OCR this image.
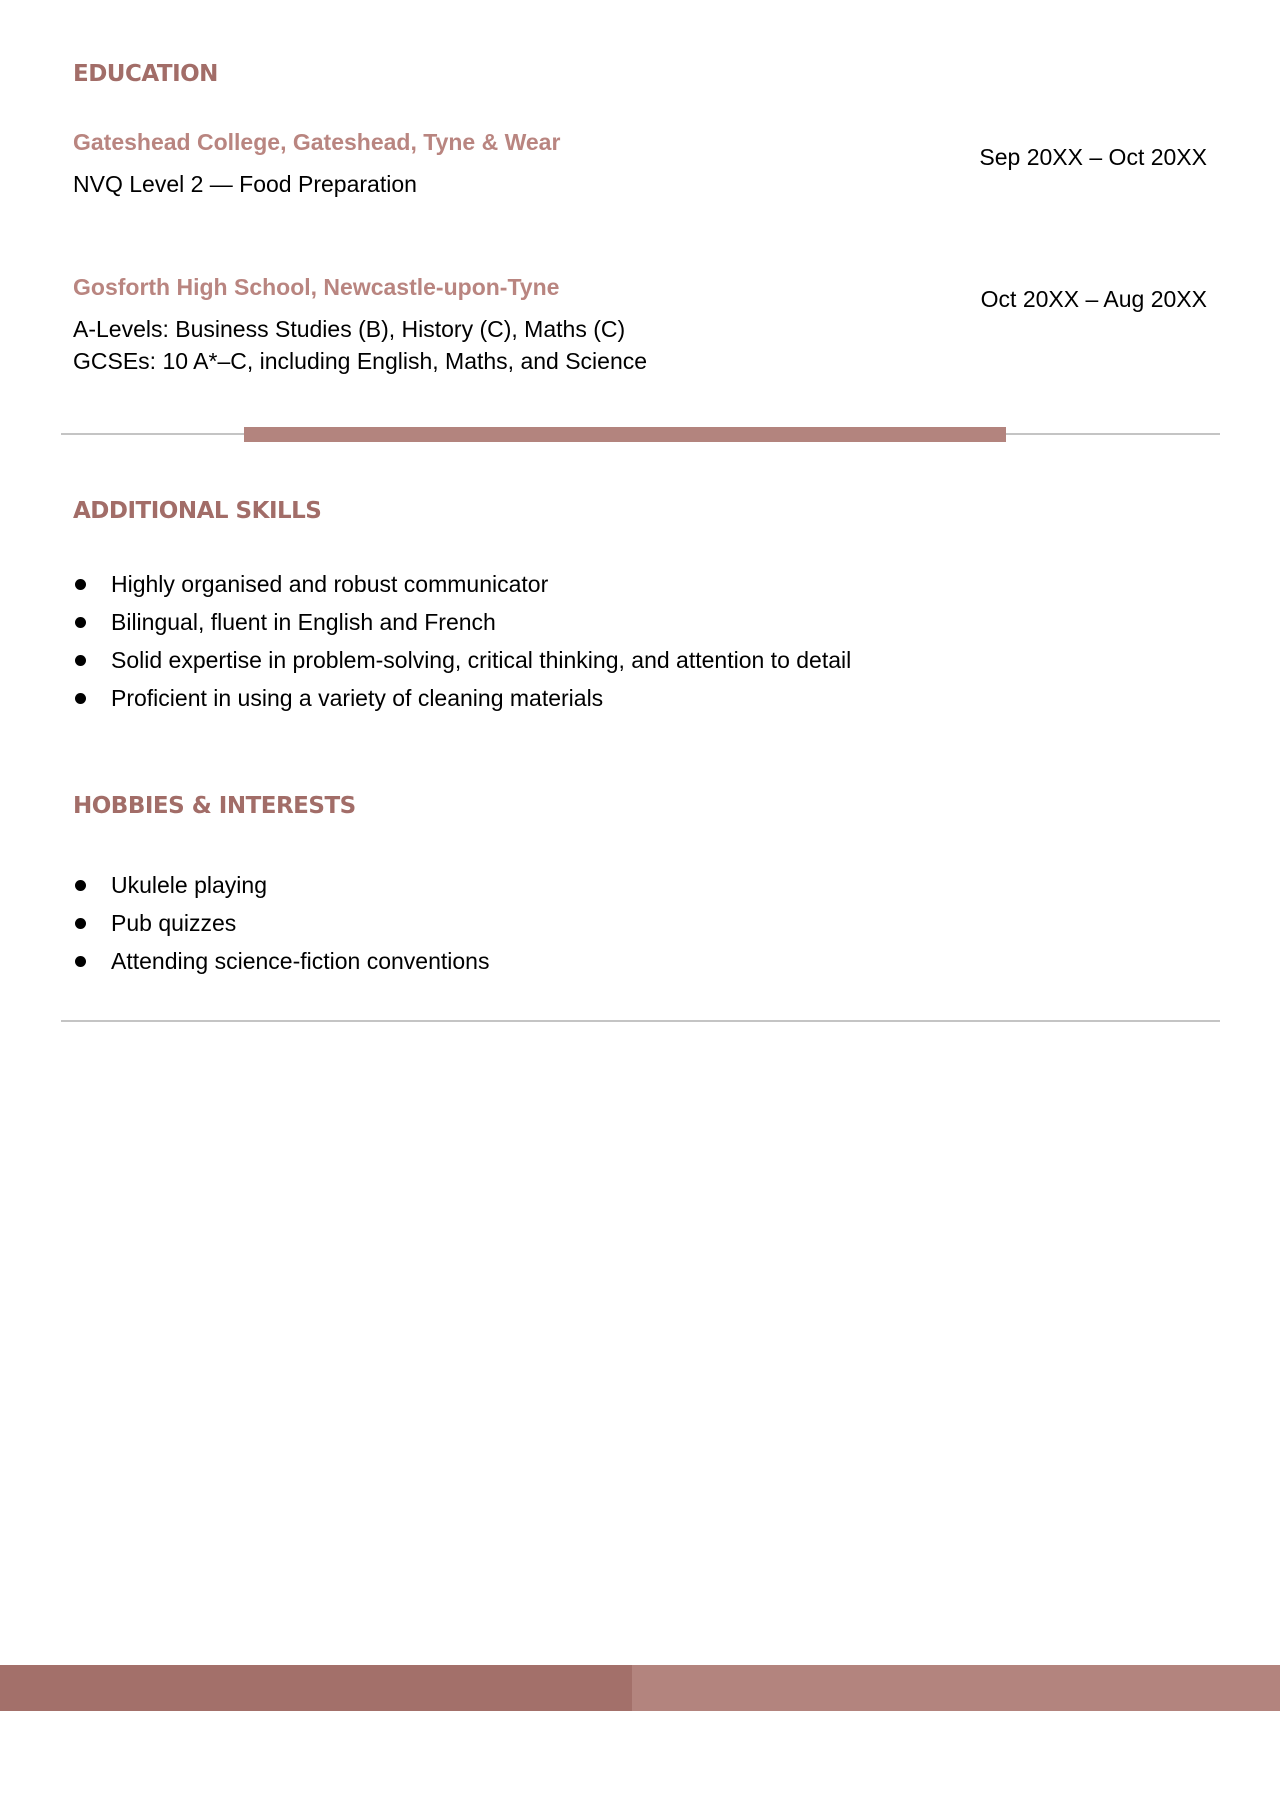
EDUCATION
Gateshead College, Gateshead, Tyne & Wear

NVQ Level 2 — Food Preparation

Sep 20XX – Oct 20XX
Gosforth High School, Newcastle-upon-Tyne

A-Levels: Business Studies (B), History (C), Maths (C)

GCSEs: 10 A*–C, including English, Maths, and Science

Oct 20XX – Aug 20XX
ADDITIONAL SKILLS
Highly organised and robust communicator
Bilingual, fluent in English and French
Solid expertise in problem-solving, critical thinking, and attention to detail
Proficient in using a variety of cleaning materials
HOBBIES & INTERESTS
Ukulele playing
Pub quizzes
Attending science-fiction conventions
